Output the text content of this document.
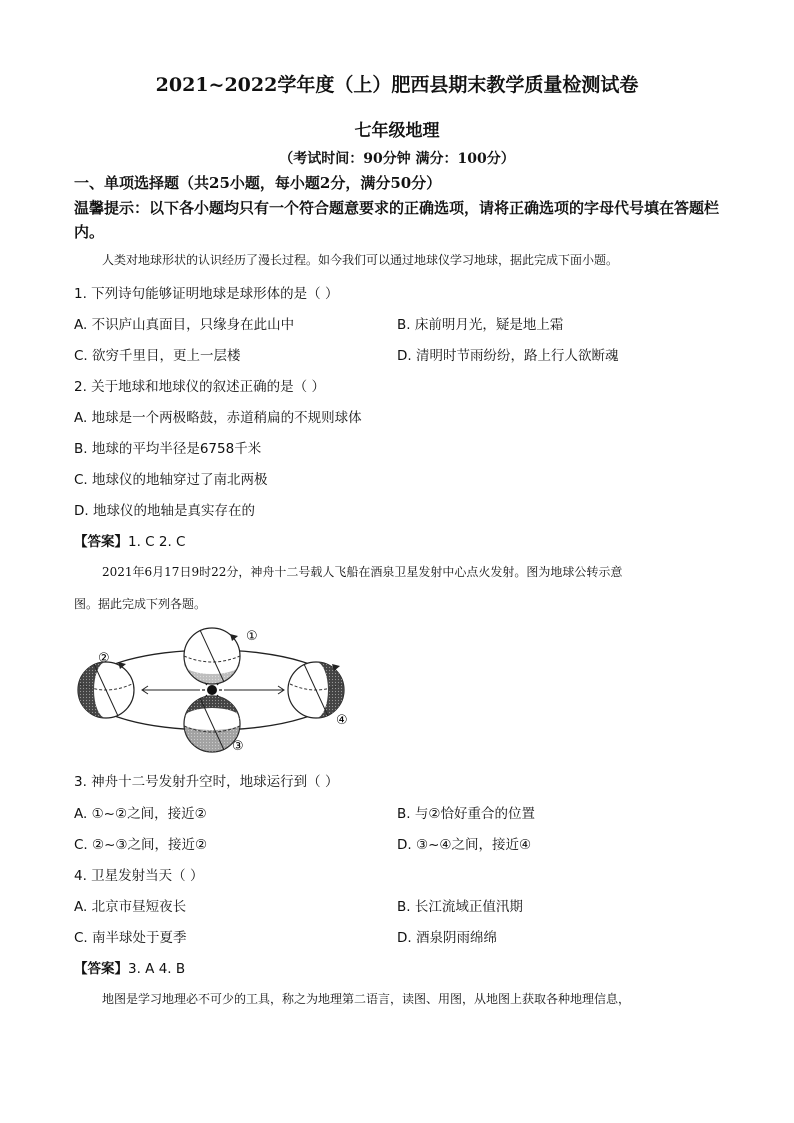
2021~2022学年度（上）肥西县期末教学质量检测试卷
七年级地理
（考试时间：90分钟 满分：100分）
一、单项选择题（共25小题，每小题2分，满分50分）
温馨提示：以下各小题均只有一个符合题意要求的正确选项，请将正确选项的字母代号填在答题栏内。
人类对地球形状的认识经历了漫长过程。如今我们可以通过地球仪学习地球，据此完成下面小题。
1. 下列诗句能够证明地球是球形体的是（ ）
A. 不识庐山真面目，只缘身在此山中	B. 床前明月光，疑是地上霜
C. 欲穷千里目，更上一层楼	D. 清明时节雨纷纷，路上行人欲断魂
2. 关于地球和地球仪的叙述正确的是（ ）
A. 地球是一个两极略鼓，赤道稍扁的不规则球体
B. 地球的平均半径是6758千米
C. 地球仪的地轴穿过了南北两极
D. 地球仪的地轴是真实存在的
【答案】1. C 2. C
2021年6月17日9时22分，神舟十二号载人飞船在酒泉卫星发射中心点火发射。图为地球公转示意
图。据此完成下列各题。
①
②
③
④
3. 神舟十二号发射升空时，地球运行到（ ）
A. ①~②之间，接近②	B. 与②恰好重合的位置
C. ②~③之间，接近②	D. ③~④之间，接近④
4. 卫星发射当天（ ）
A. 北京市昼短夜长	B. 长江流域正值汛期
C. 南半球处于夏季	D. 酒泉阴雨绵绵
【答案】3. A 4. B
地图是学习地理必不可少的工具，称之为地理第二语言，读图、用图，从地图上获取各种地理信息，
